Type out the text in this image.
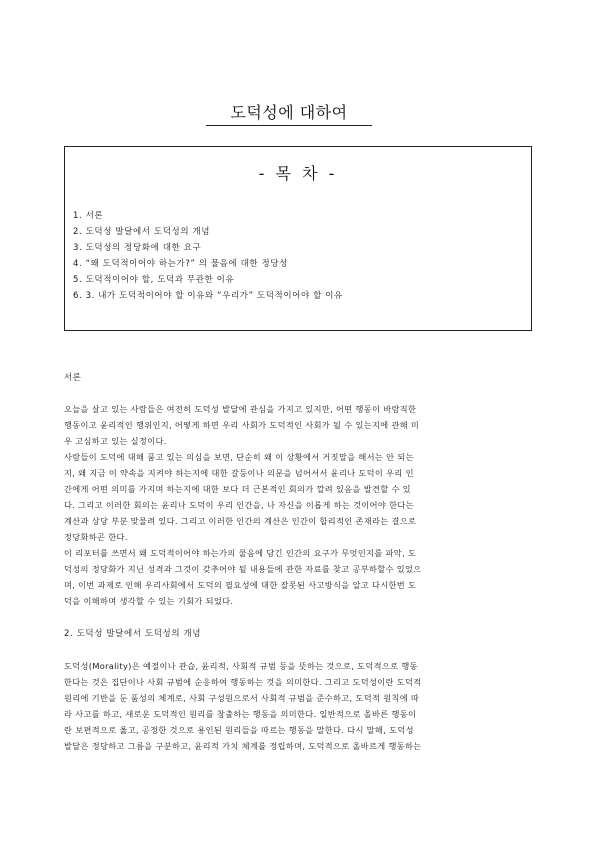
도덕성에 대하여
- 목 차 -
1. 서론
2. 도덕성 발달에서 도덕성의 개념
3. 도덕성의 정당화에 대한 요구
4. “왜 도덕적이어야 하는가?” 의 물음에 대한 정당성
5. 도덕적이어야 할, 도덕과 무관한 이유
6. 3. 내가 도덕적이어야 할 이유와 “우리가” 도덕적이어야 할 이유
서론
오늘을 살고 있는 사람들은 여전히 도덕성 발달에 관심을 가지고 있지만, 어떤 행동이 바람직한
행동이고 윤리적인 행위인지, 어떻게 하면 우리 사회가 도덕적인 사회가 될 수 있는지에 관해 미
우 고심하고 있는 실정이다.
사람들이 도덕에 대해 품고 있는 의심을 보면, 단순히 왜 이 상황에서 거짓말을 해서는 안 되는
지, 왜 지금 이 약속을 지켜야 하는지에 대한 갈등이나 의문을 넘어서서 윤리나 도덕이 우리 인
간에게 어떤 의미를 가지며 하는지에 대한 보다 더 근본적인 회의가 깔려 있음을 발견할 수 있
다. 그리고 이러한 회의는 윤리나 도덕이 우리 인간을, 나 자신을 이롭게 하는 것이어야 한다는
계산과 상당 부분 맞물려 있다. 그리고 이러한 인간의 계산은 인간이 합리적인 존재라는 결으로
정당화하곤 한다.
이 리포터를 쓰면서 왜 도덕적이어야 하는가의 물음에 담긴 인간의 요구가 무엇인지를 파악, 도
덕성의 정당화가 지닌 성격과 그것이 갖추어야 될 내용들에 관한 자료를 찾고 공부하할수 있었으
며, 이번 과제로 인해 우리사회에서 도덕의 필요성에 대한 잘못된 사고방식을 알고 다시한번 도
덕을 이해하며 생각할 수 있는 기회가 되었다.
2. 도덕성 발달에서 도덕성의 개념
도덕성(Morality)은 예절이나 관습, 윤리적, 사회적 규범 등을 뜻하는 것으로, 도덕적으로 행동
한다는 것은 집단이나 사회 규범에 순응하여 행동하는 것을 의미한다. 그리고 도덕성이란 도덕적
원리에 기반을 둔 품성의 체계로, 사회 구성원으로서 사회적 규범을 준수하고, 도덕적 원칙에 따
라 사고를 하고, 새로운 도덕적인 원리를 창출하는 행동을 의미한다. 일반적으로 올바른 행동이
란 보편적으로 옳고, 공정한 것으로 용인된 원리들을 따르는 행동을 말한다. 다시 말해, 도덕성
발달은 정당하고 그름을 구분하고, 윤리적 가치 체계를 정립하며, 도덕적으로 올바르게 행동하는
